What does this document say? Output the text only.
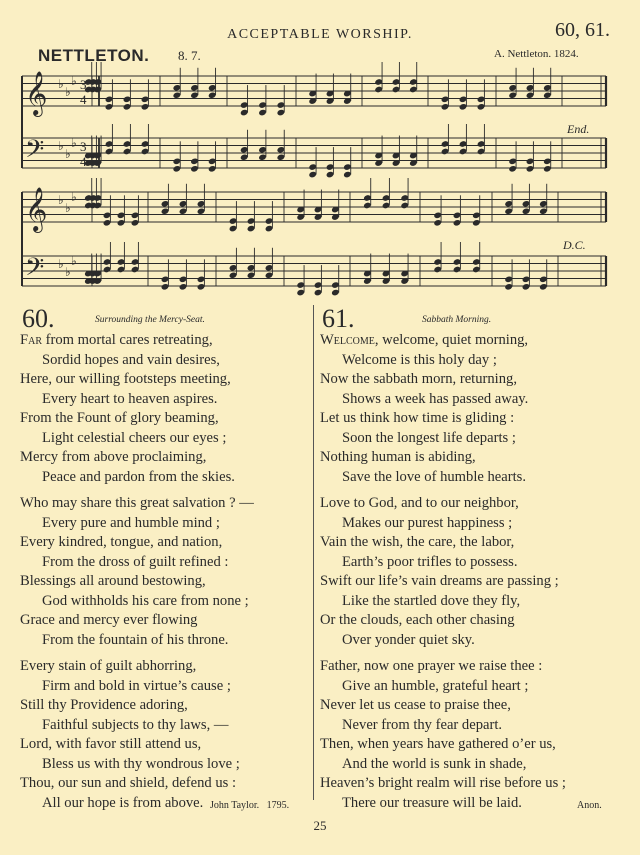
ACCEPTABLE WORSHIP.	60, 61.
NETTLETON. 8. 7.	A. Nettleton. 1824.
𝄞 ♭
♭
♭ 3
4
𝄢 ♭
♭
♭ 3
4
𝄞 ♭
♭
♭
𝄢 ♭
♭
♭
End.
D.C.
60.	Surrounding the Mercy-Seat.
Far from mortal cares retreating,
Sordid hopes and vain desires,
Here, our willing footsteps meeting,
Every heart to heaven aspires.
From the Fount of glory beaming,
Light celestial cheers our eyes ;
Mercy from above proclaiming,
Peace and pardon from the skies.
Who may share this great salvation ? —
Every pure and humble mind ;
Every kindred, tongue, and nation,
From the dross of guilt refined :
Blessings all around bestowing,
God withholds his care from none ;
Grace and mercy ever flowing
From the fountain of his throne.
Every stain of guilt abhorring,
Firm and bold in virtue’s cause ;
Still thy Providence adoring,
Faithful subjects to thy laws, —
Lord, with favor still attend us,
Bless us with thy wondrous love ;
Thou, our sun and shield, defend us :
All our hope is from above. John Taylor. 1795.
61.	Sabbath Morning.
Welcome, welcome, quiet morning,
Welcome is this holy day ;
Now the sabbath morn, returning,
Shows a week has passed away.
Let us think how time is gliding :
Soon the longest life departs ;
Nothing human is abiding,
Save the love of humble hearts.
Love to God, and to our neighbor,
Makes our purest happiness ;
Vain the wish, the care, the labor,
Earth’s poor trifles to possess.
Swift our life’s vain dreams are passing ;
Like the startled dove they fly,
Or the clouds, each other chasing
Over yonder quiet sky.
Father, now one prayer we raise thee :
Give an humble, grateful heart ;
Never let us cease to praise thee,
Never from thy fear depart.
Then, when years have gathered o’er us,
And the world is sunk in shade,
Heaven’s bright realm will rise before us ;
There our treasure will be laid.	Anon.
25
